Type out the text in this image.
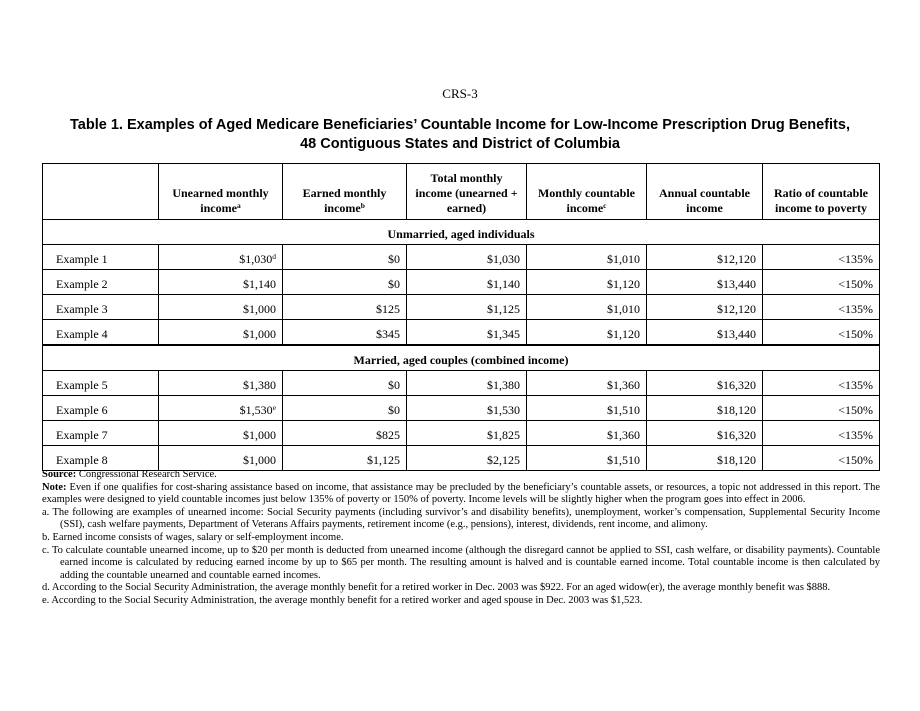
CRS-3
Table 1. Examples of Aged Medicare Beneficiaries’ Countable Income for Low-Income Prescription Drug Benefits,
48 Contiguous States and District of Columbia
	Unearned monthly income$^a$	Earned monthly income$^b$	Total monthly income (unearned + earned)	Monthly countable income$^c$	Annual countable income	Ratio of countable income to poverty
Unmarried, aged individuals						
Example 1	$1,030$^d$	$0	$1,030	$1,010	$12,120	<135%
Example 2	$1,140	$0	$1,140	$1,120	$13,440	<150%
Example 3	$1,000	$125	$1,125	$1,010	$12,120	<135%
Example 4	$1,000	$345	$1,345	$1,120	$13,440	<150%
Married, aged couples (combined income)						
Example 5	$1,380	$0	$1,380	$1,360	$16,320	<135%
Example 6	$1,530e	$0	$1,530	$1,510	$18,120	<150%
Example 7	$1,000	$825	$1,825	$1,360	$16,320	<135%
Example 8	$1,000	$1,125	$2,125	$1,510	$18,120	<150%

Source: Congressional Research Service.

Note: Even if one qualifies for cost-sharing assistance based on income, that assistance may be precluded by the beneficiary’s countable assets, or resources, a topic not addressed in this report. The examples were designed to yield countable incomes just below 135% of poverty or 150% of poverty. Income levels will be slightly higher when the program goes into effect in 2006.

a. The following are examples of unearned income: Social Security payments (including survivor’s and disability benefits), unemployment, worker’s compensation, Supplemental Security Income (SSI), cash welfare payments, Department of Veterans Affairs payments, retirement income (e.g., pensions), interest, dividends, rent income, and alimony.

b. Earned income consists of wages, salary or self-employment income.

c. To calculate countable unearned income, up to $20 per month is deducted from unearned income (although the disregard cannot be applied to SSI, cash welfare, or disability payments). Countable earned income is calculated by reducing earned income by up to $65 per month. The resulting amount is halved and is countable earned income. Total countable income is then calculated by adding the countable unearned and countable earned incomes.

d. According to the Social Security Administration, the average monthly benefit for a retired worker in Dec. 2003 was $922. For an aged widow(er), the average monthly benefit was $888.

e. According to the Social Security Administration, the average monthly benefit for a retired worker and aged spouse in Dec. 2003 was $1,523.
